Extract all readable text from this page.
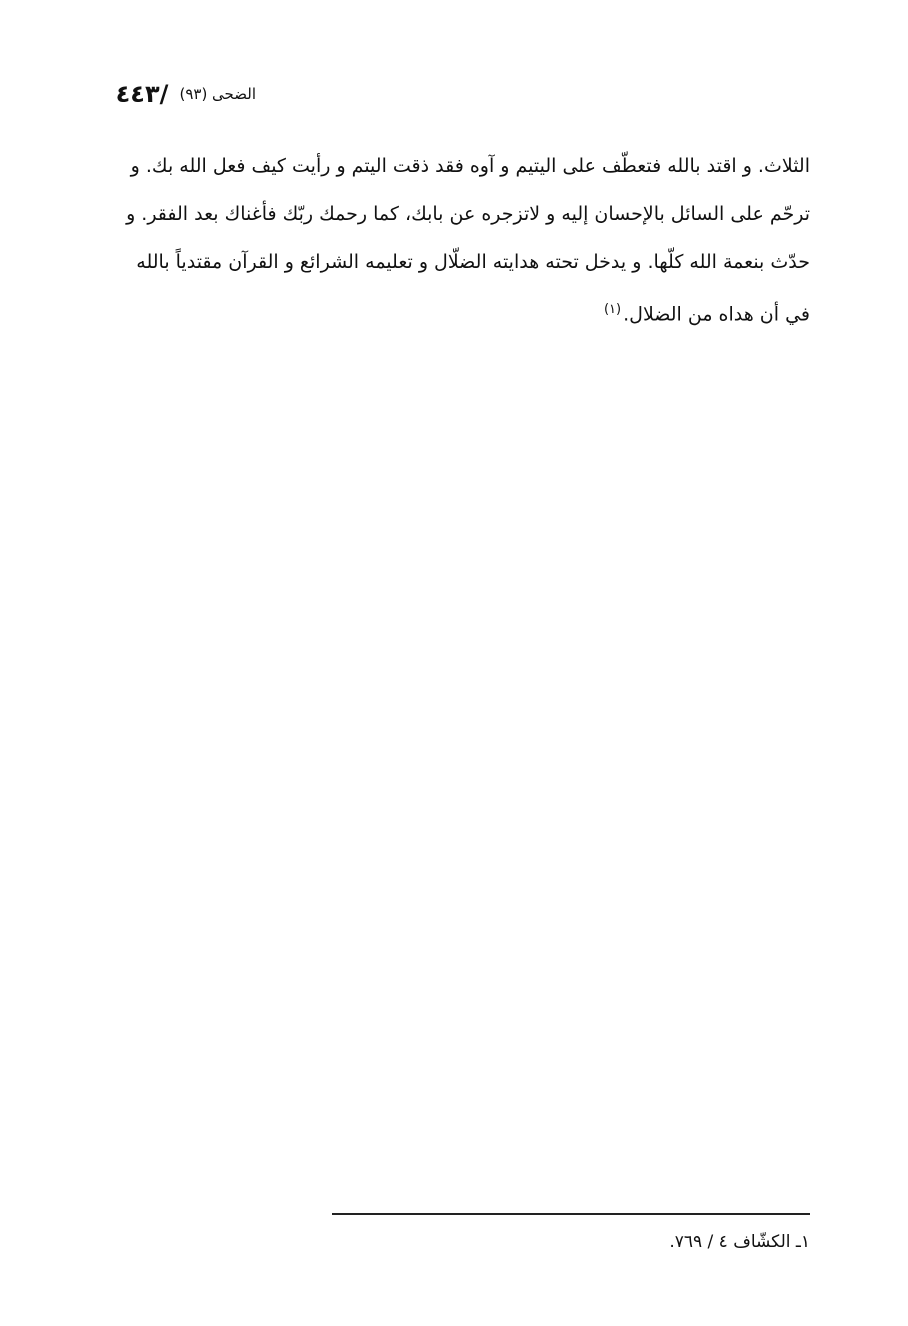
الضحى (٩٣) /٤٤٣
الثلاث. و اقتد بالله فتعطّف على اليتيم و آوه فقد ذقت اليتم و رأيت كيف فعل الله بك. و
ترحّم على السائل بالإحسان إليه و لاتزجره عن بابك، كما رحمك ربّك فأغناك بعد الفقر. و
حدّث بنعمة الله كلّها. و يدخل تحته هدايته الضلّال و تعليمه الشرائع و القرآن مقتدياً بالله
في أن هداه من الضلال.$^{(١)}$
١ـ الكشّاف ٤ / ٧٦٩.
